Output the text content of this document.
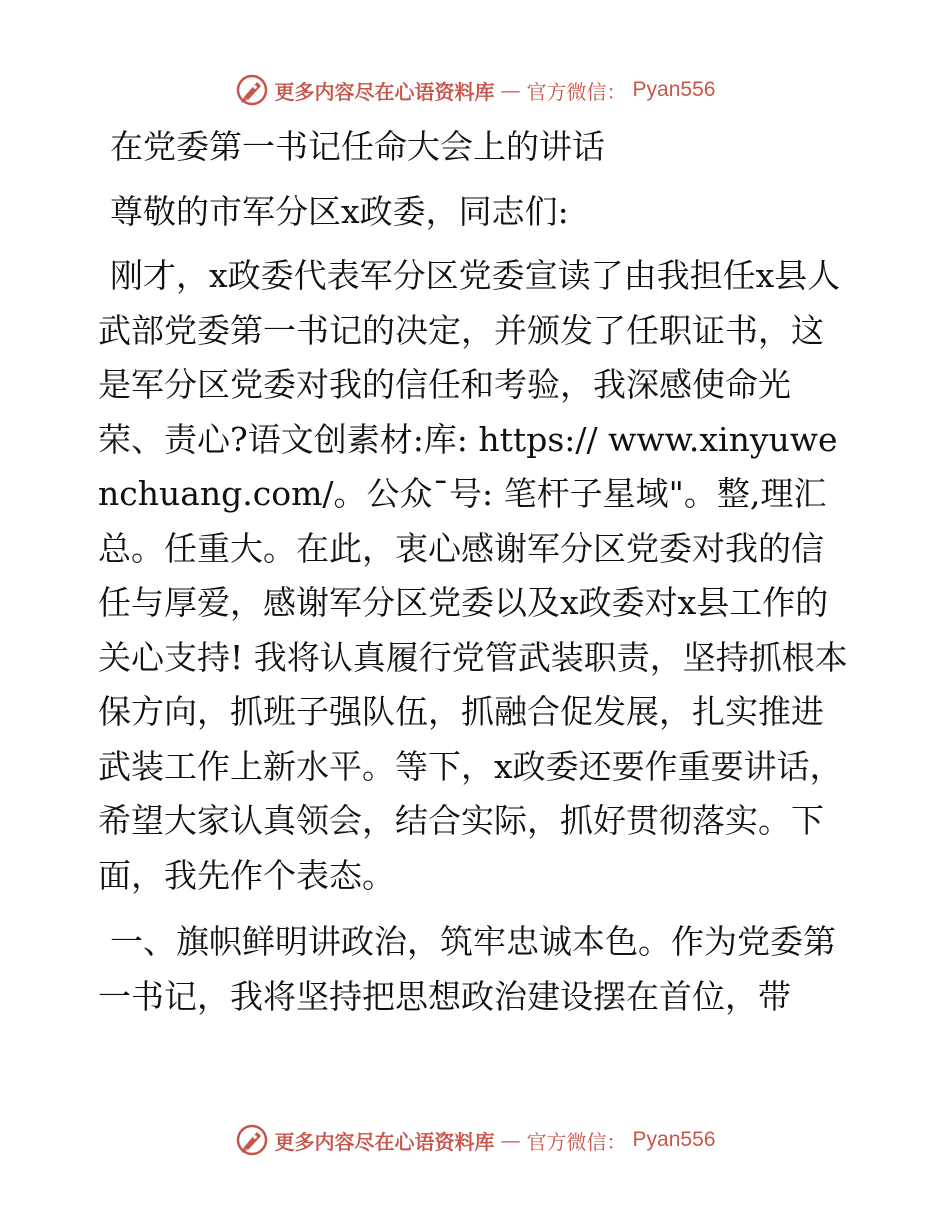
更多内容尽在心语资料库 — 官方微信： Pyan556

在党委第一书记任命大会上的讲话

尊敬的市军分区x政委，同志们:

刚才，x政委代表军分区党委宣读了由我担任x县人武部党委第一书记的决定，并颁发了任职证书，这是军分区党委对我的信任和考验，我深感使命光荣、责心?语文创素材:库: https:// www.xinyuwenchuang.com/。公众¯号: 笔杆子星域"。整,理汇总。任重大。在此，衷心感谢军分区党委对我的信任与厚爱，感谢军分区党委以及x政委对x县工作的关心支持! 我将认真履行党管武装职责，坚持抓根本保方向，抓班子强队伍，抓融合促发展，扎实推进武装工作上新水平。等下，x政委还要作重要讲话，希望大家认真领会，结合实际，抓好贯彻落实。下面，我先作个表态。

一、旗帜鲜明讲政治，筑牢忠诚本色。作为党委第一书记，我将坚持把思想政治建设摆在首位，带

更多内容尽在心语资料库 — 官方微信： Pyan556
